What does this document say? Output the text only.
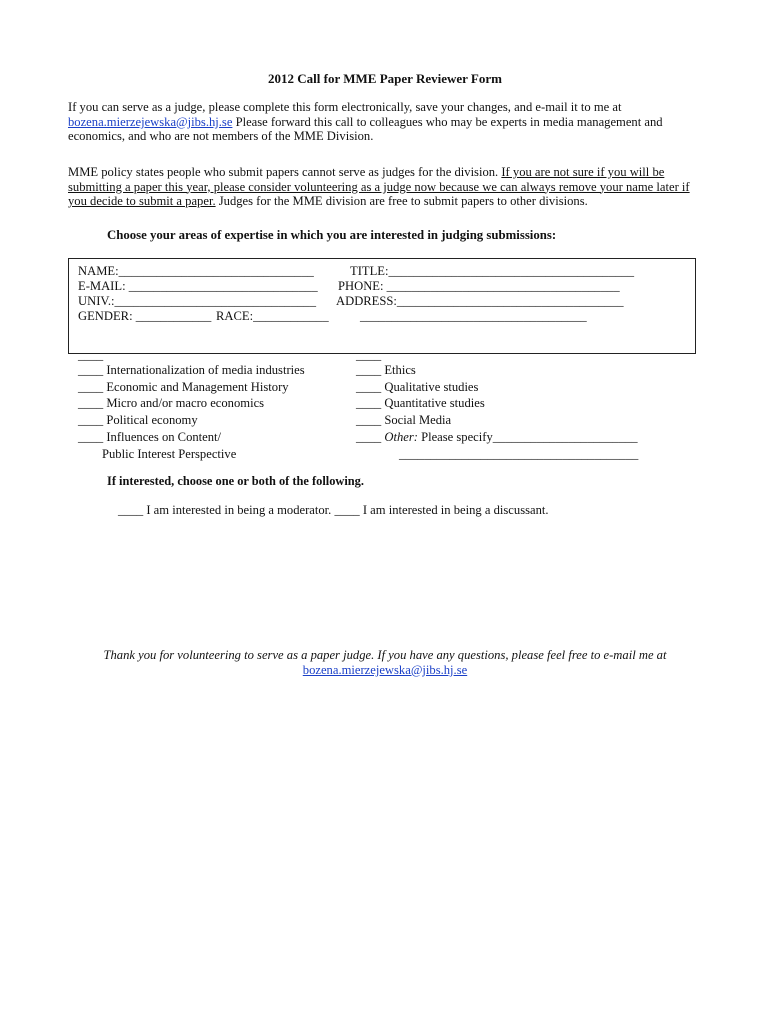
2012 Call for MME Paper Reviewer Form
If you can serve as a judge, please complete this form electronically, save your changes, and e-mail it to me at bozena.mierzejewska@jibs.hj.se Please forward this call to colleagues who may be experts in media management and economics, and who are not members of the MME Division.
MME policy states people who submit papers cannot serve as judges for the division. If you are not sure if you will be submitting a paper this year, please consider volunteering as a judge now because we can always remove your name later if you decide to submit a paper. Judges for the MME division are free to submit papers to other divisions.
Choose your areas of expertise in which you are interested in judging submissions:
NAME:_______________________________	TITLE:_______________________________________
E-MAIL: ______________________________ PHONE: _____________________________________
UNIV.:________________________________ ADDRESS:____________________________________
GENDER: ____________ RACE:____________ ____________________________________
____	____
____ Internationalization of media industries
____ Economic and Management History
____ Micro and/or macro economics
____ Political economy
____ Influences on Content/
Public Interest Perspective
____ Ethics
____ Qualitative studies
____ Quantitative studies
____ Social Media
____ Other: Please specify_______________________
______________________________________
If interested, choose one or both of the following.
____ I am interested in being a moderator. ____ I am interested in being a discussant.
Thank you for volunteering to serve as a paper judge. If you have any questions, please feel free to e-mail me at bozena.mierzejewska@jibs.hj.se
